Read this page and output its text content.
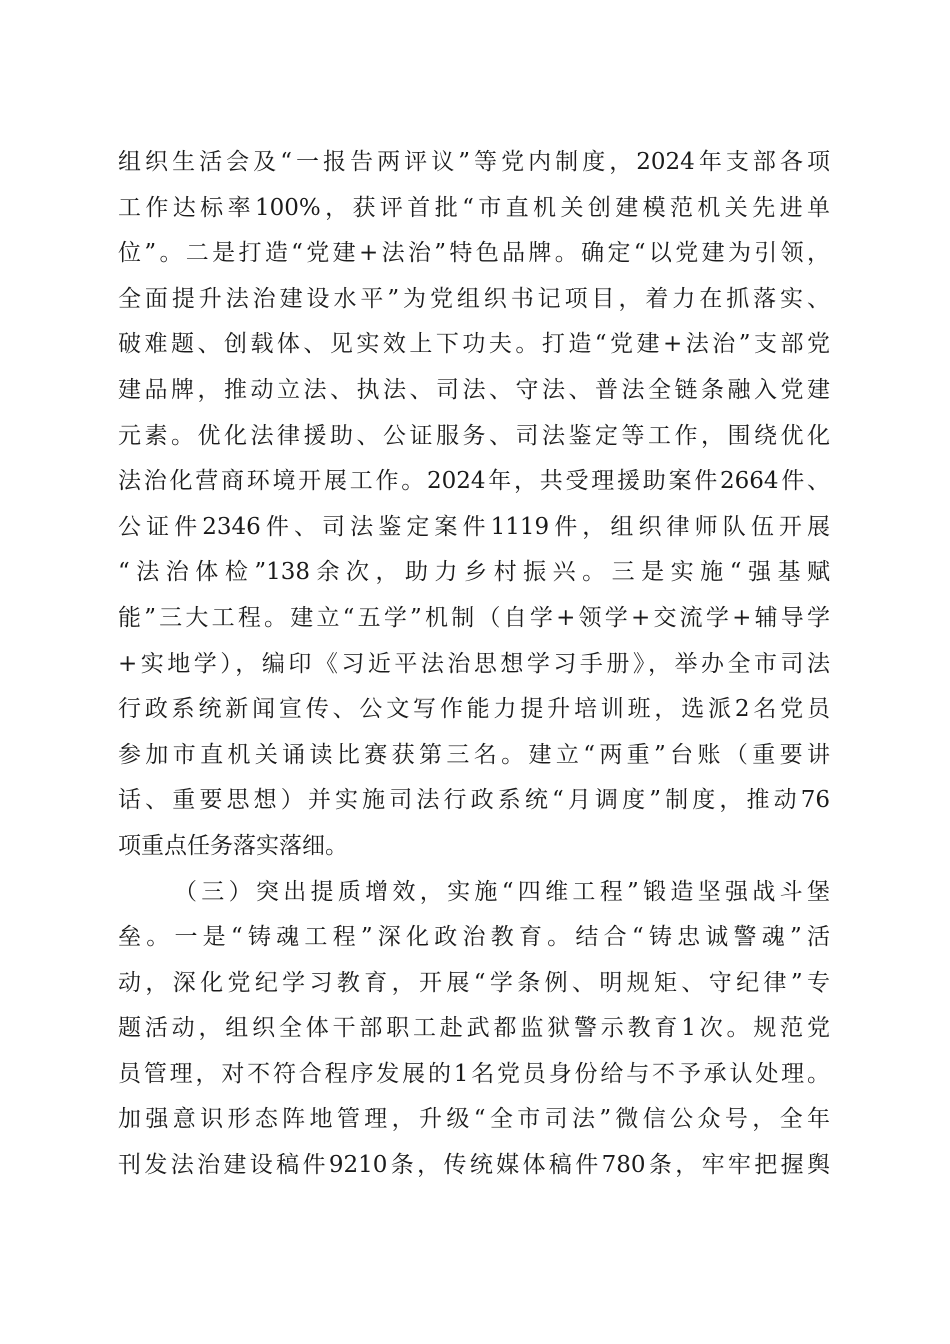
组织生活会及“一报告两评议”等党内制度，2024年支部各项
工作达标率100%，获评首批“市直机关创建模范机关先进单
位”。二是打造“党建+法治”特色品牌。确定“以党建为引领，
全面提升法治建设水平”为党组织书记项目，着力在抓落实、
破难题、创载体、见实效上下功夫。打造“党建+法治”支部党
建品牌，推动立法、执法、司法、守法、普法全链条融入党建
元素。优化法律援助、公证服务、司法鉴定等工作，围绕优化
法治化营商环境开展工作。2024年，共受理援助案件2664件、
公证件2346件、司法鉴定案件1119件，组织律师队伍开展
“法治体检”138余次，助力乡村振兴。三是实施“强基赋
能”三大工程。建立“五学”机制（自学+领学+交流学+辅导学
+实地学），编印《习近平法治思想学习手册》，举办全市司法
行政系统新闻宣传、公文写作能力提升培训班，选派2名党员
参加市直机关诵读比赛获第三名。建立“两重”台账（重要讲
话、重要思想）并实施司法行政系统“月调度”制度，推动76
项重点任务落实落细。
（三）突出提质增效，实施“四维工程”锻造坚强战斗堡
垒。一是“铸魂工程”深化政治教育。结合“铸忠诚警魂”活
动，深化党纪学习教育，开展“学条例、明规矩、守纪律”专
题活动，组织全体干部职工赴武都监狱警示教育1次。规范党
员管理，对不符合程序发展的1名党员身份给与不予承认处理。
加强意识形态阵地管理，升级“全市司法”微信公众号，全年
刊发法治建设稿件9210条，传统媒体稿件780条，牢牢把握舆
